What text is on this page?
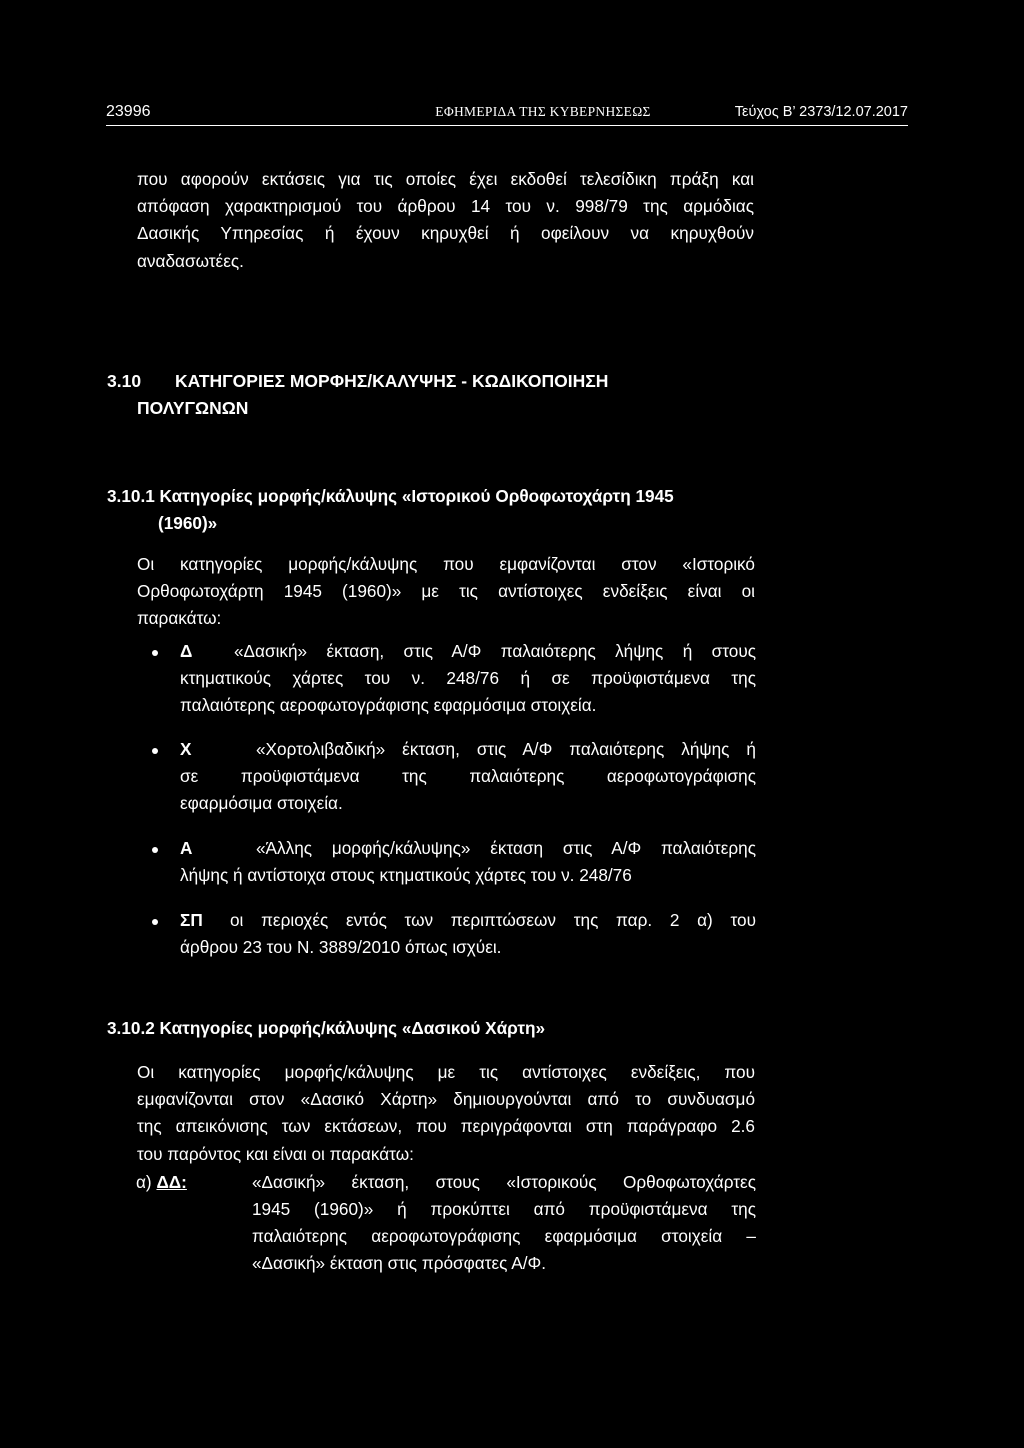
23996	ΕΦΗΜΕΡΙΔΑ ΤΗΣ ΚΥΒΕΡΝΗΣΕΩΣ	Τεύχος Β’ 2373/12.07.2017
που αφορούν εκτάσεις για τις οποίες έχει εκδοθεί τελεσίδικη πράξη και
απόφαση χαρακτηρισμού του άρθρου 14 του ν. 998/79 της αρμόδιας
Δασικής Υπηρεσίας ή έχουν κηρυχθεί ή οφείλουν να κηρυχθούν
αναδασωτέες.
3.10 ΚΑΤΗΓΟΡΙΕΣ ΜΟΡΦΗΣ/ΚΑΛΥΨΗΣ - ΚΩΔΙΚΟΠΟΙΗΣΗ
ΠΟΛΥΓΩΝΩΝ
3.10.1 Κατηγορίες μορφής/κάλυψης «Ιστορικού Ορθοφωτοχάρτη 1945
(1960)»
Οι κατηγορίες μορφής/κάλυψης που εμφανίζονται στον «Ιστορικό
Ορθοφωτοχάρτη 1945 (1960)» με τις αντίστοιχες ενδείξεις είναι οι
παρακάτω:
Δ «Δασική» έκταση, στις Α/Φ παλαιότερης λήψης ή στους
κτηματικούς χάρτες του ν. 248/76 ή σε προϋφιστάμενα της
παλαιότερης αεροφωτογράφισης εφαρμόσιμα στοιχεία.
Χ	«Χορτολιβαδική» έκταση, στις Α/Φ παλαιότερης λήψης ή
σε προϋφιστάμενα της παλαιότερης αεροφωτογράφισης
εφαρμόσιμα στοιχεία.
Α	«Άλλης μορφής/κάλυψης» έκταση στις Α/Φ παλαιότερης
λήψης ή αντίστοιχα στους κτηματικούς χάρτες του ν. 248/76
ΣΠ οι περιοχές εντός των περιπτώσεων της παρ. 2 α) του
άρθρου 23 του Ν. 3889/2010 όπως ισχύει.
3.10.2 Κατηγορίες μορφής/κάλυψης «Δασικού Χάρτη»
Οι κατηγορίες μορφής/κάλυψης με τις αντίστοιχες ενδείξεις, που
εμφανίζονται στον «Δασικό Χάρτη» δημιουργούνται από το συνδυασμό
της απεικόνισης των εκτάσεων, που περιγράφονται στη παράγραφο 2.6
του παρόντος και είναι οι παρακάτω:
α) ΔΔ:	«Δασική» έκταση, στους «Ιστορικούς Ορθοφωτοχάρτες
1945 (1960)» ή προκύπτει από προϋφιστάμενα της
παλαιότερης αεροφωτογράφισης εφαρμόσιμα στοιχεία –
«Δασική» έκταση στις πρόσφατες Α/Φ.
